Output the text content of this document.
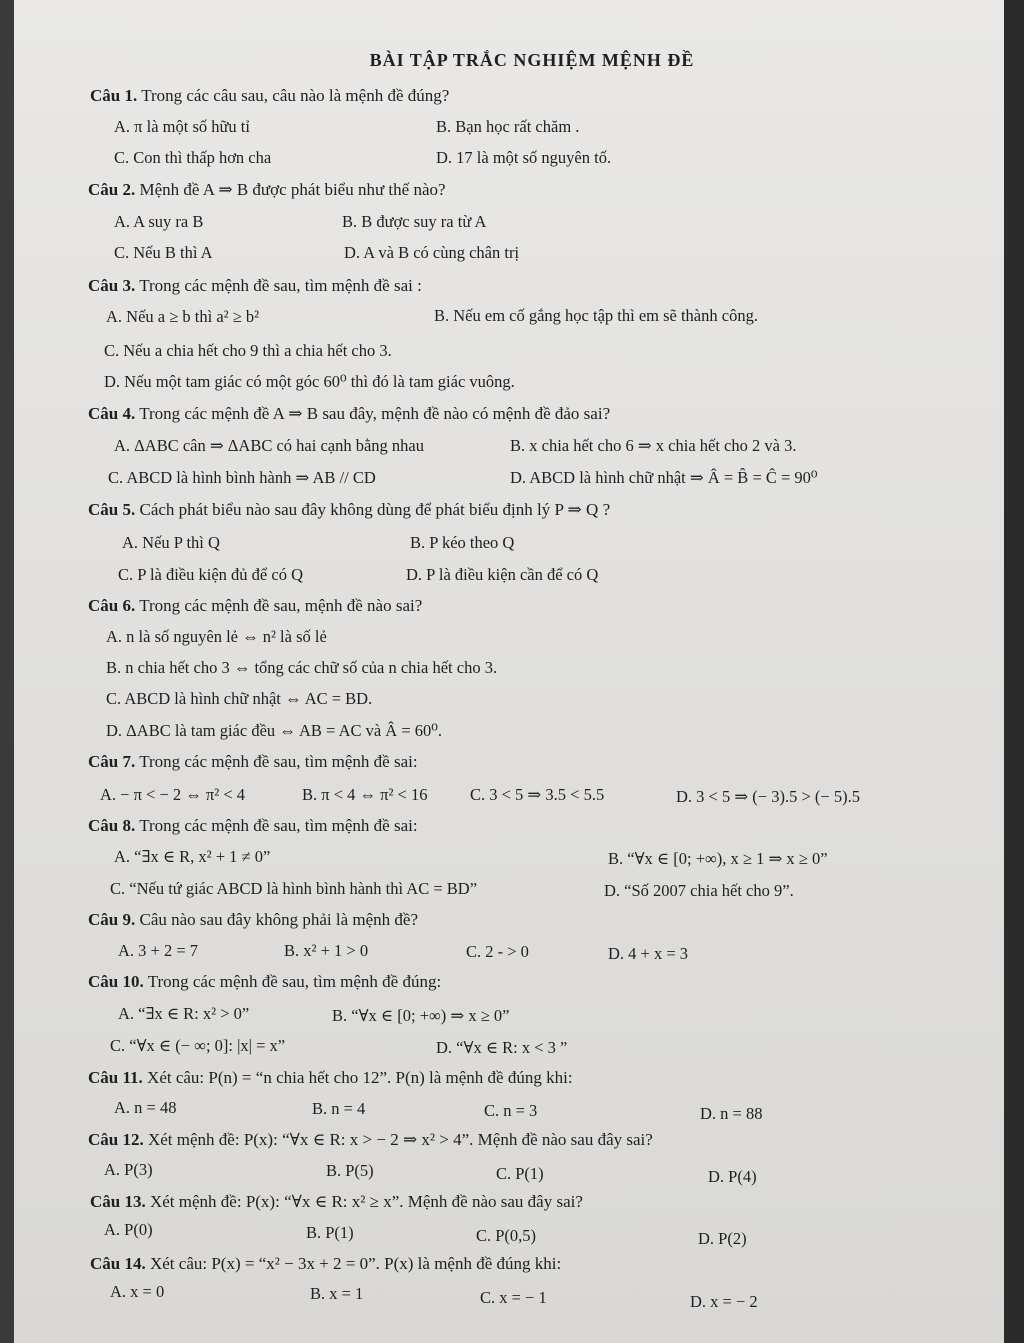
BÀI TẬP TRẮC NGHIỆM MỆNH ĐỀ
Câu 1. Trong các câu sau, câu nào là mệnh đề đúng?
A. π là một số hữu tỉ	B. Bạn học rất chăm .
C. Con thì thấp hơn cha	D. 17 là một số nguyên tố.
Câu 2. Mệnh đề A ⇒ B được phát biểu như thế nào?
A. A suy ra B	B. B được suy ra từ A
C. Nếu B thì A	D. A và B có cùng chân trị
Câu 3. Trong các mệnh đề sau, tìm mệnh đề sai :
A. Nếu a ≥ b thì a² ≥ b²	B. Nếu em cố gắng học tập thì em sẽ thành công.
C. Nếu a chia hết cho 9 thì a chia hết cho 3.
D. Nếu một tam giác có một góc 60⁰ thì đó là tam giác vuông.
Câu 4. Trong các mệnh đề A ⇒ B sau đây, mệnh đề nào có mệnh đề đảo sai?
A. ΔABC cân ⇒ ΔABC có hai cạnh bằng nhau	B. x chia hết cho 6 ⇒ x chia hết cho 2 và 3.
C. ABCD là hình bình hành ⇒ AB // CD	D. ABCD là hình chữ nhật ⇒ Â = B̂ = Ĉ = 90⁰
Câu 5. Cách phát biểu nào sau đây không dùng để phát biểu định lý P ⇒ Q ?
A. Nếu P thì Q	B. P kéo theo Q
C. P là điều kiện đủ để có Q	D. P là điều kiện cần để có Q
Câu 6. Trong các mệnh đề sau, mệnh đề nào sai?
A. n là số nguyên lẻ ⇔ n² là số lẻ
B. n chia hết cho 3 ⇔ tổng các chữ số của n chia hết cho 3.
C. ABCD là hình chữ nhật ⇔ AC = BD.
D. ΔABC là tam giác đều ⇔ AB = AC và Â = 60⁰.
Câu 7. Trong các mệnh đề sau, tìm mệnh đề sai:
A. − π < − 2 ⇔ π² < 4	B. π < 4 ⇔ π² < 16	C. 3 < 5 ⇒ 3.5 < 5.5	D. 3 < 5 ⇒ (− 3).5 > (− 5).5
Câu 8. Trong các mệnh đề sau, tìm mệnh đề sai:
A. “∃x ∈ R, x² + 1 ≠ 0”	B. “∀x ∈ [0; +∞), x ≥ 1 ⇒ x ≥ 0”
C. “Nếu tứ giác ABCD là hình bình hành thì AC = BD”	D. “Số 2007 chia hết cho 9”.
Câu 9. Câu nào sau đây không phải là mệnh đề?
A. 3 + 2 = 7	B. x² + 1 > 0	C. 2 - > 0	D. 4 + x = 3
Câu 10. Trong các mệnh đề sau, tìm mệnh đề đúng:
A. “∃x ∈ R: x² > 0”	B. “∀x ∈ [0; +∞) ⇒ x ≥ 0”
C. “∀x ∈ (− ∞; 0]: |x| = x”	D. “∀x ∈ R: x < 3 ”
Câu 11. Xét câu: P(n) = “n chia hết cho 12”. P(n) là mệnh đề đúng khi:
A. n = 48	B. n = 4	C. n = 3	D. n = 88
Câu 12. Xét mệnh đề: P(x): “∀x ∈ R: x > − 2 ⇒ x² > 4”. Mệnh đề nào sau đây sai?
A. P(3)	B. P(5)	C. P(1)	D. P(4)
Câu 13. Xét mệnh đề: P(x): “∀x ∈ R: x² ≥ x”. Mệnh đề nào sau đây sai?
A. P(0)	B. P(1)	C. P(0,5)	D. P(2)
Câu 14. Xét câu: P(x) = “x² − 3x + 2 = 0”. P(x) là mệnh đề đúng khi:
A. x = 0	B. x = 1	C. x = − 1	D. x = − 2
